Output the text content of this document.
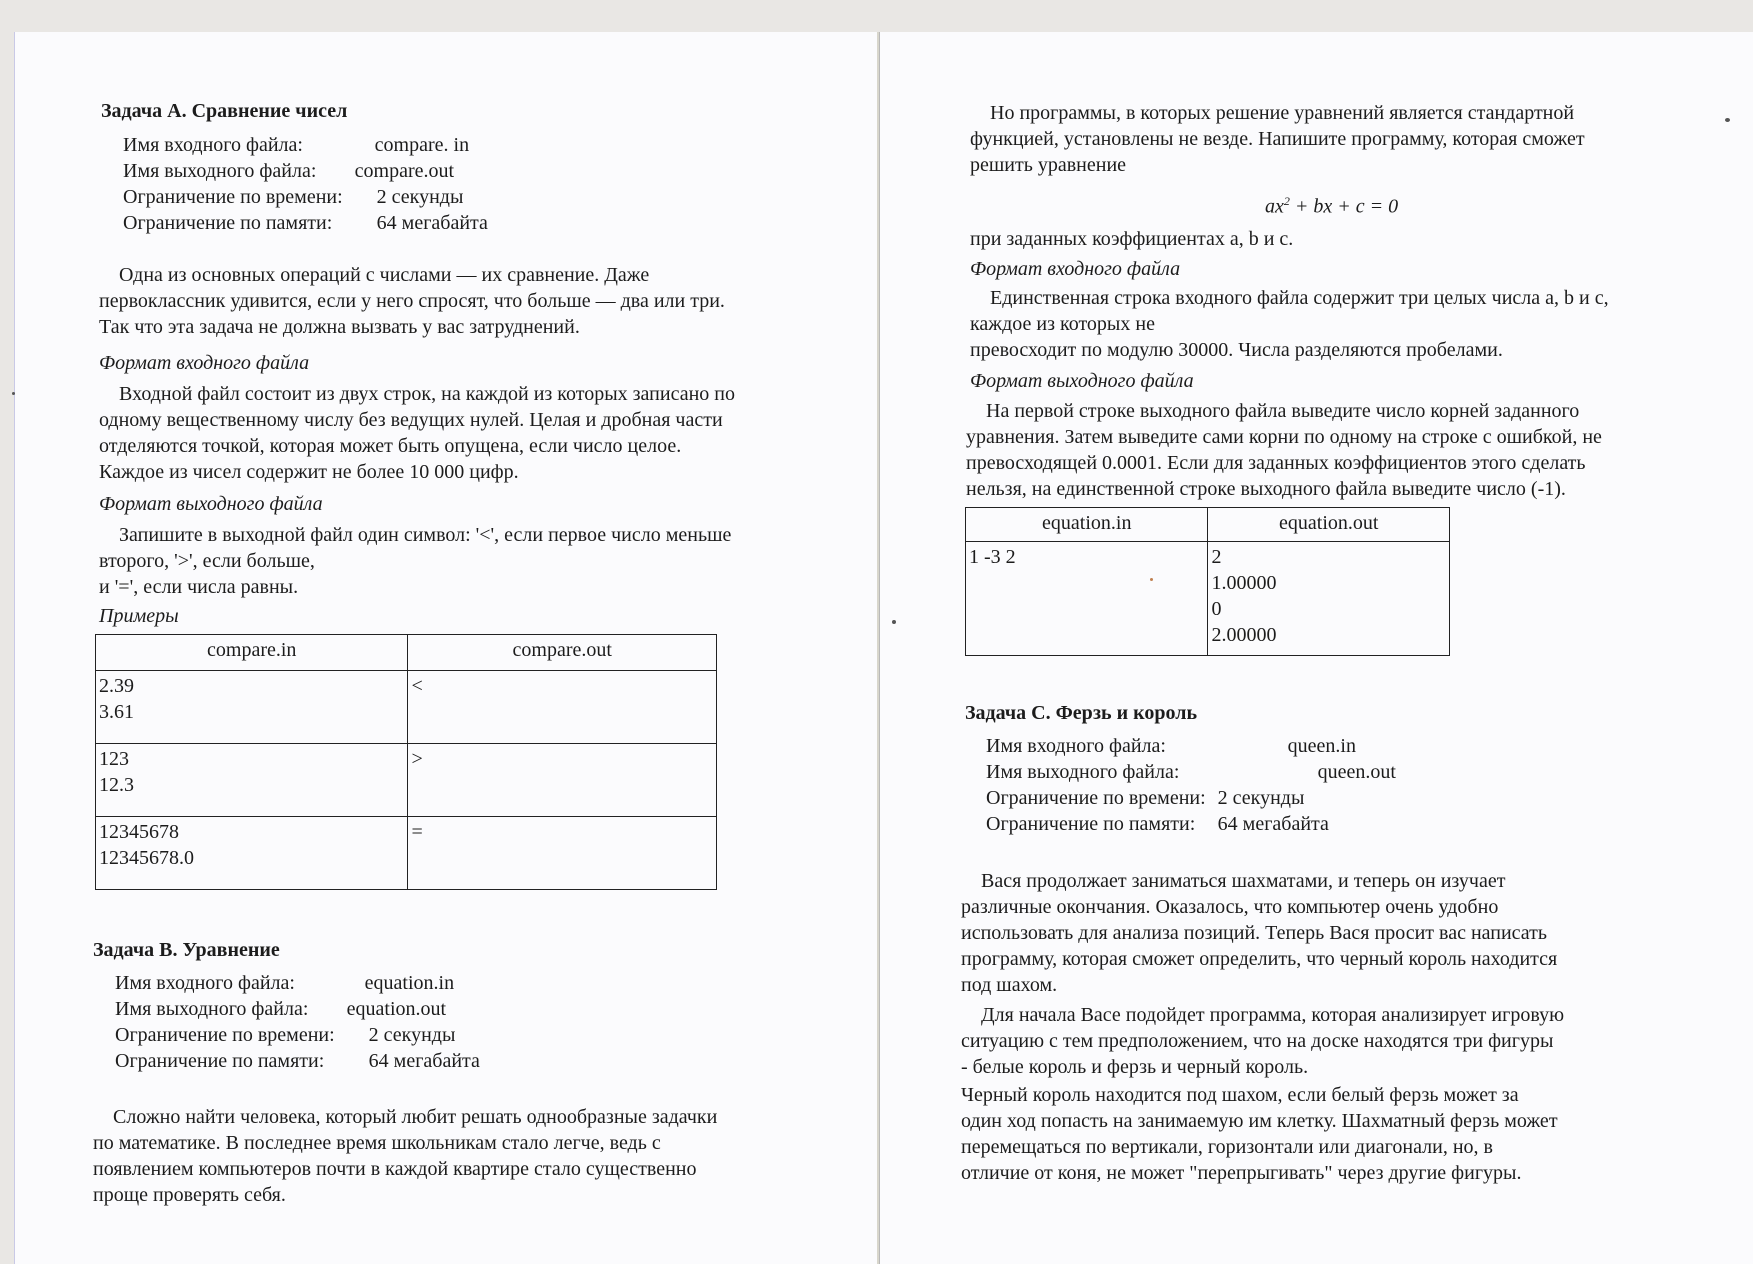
Задача A. Сравнение чисел
Имя входного файла:	compare. in
Имя выходного файла:	compare.out
Ограничение по времени:	2 секунды
Ограничение по памяти:	64 мегабайта
Одна из основных операций с числами — их сравнение. Даже
первоклассник удивится, если у него спросят, что больше — два или три.
Так что эта задача не должна вызвать у вас затруднений.
Формат входного файла
Входной файл состоит из двух строк, на каждой из которых записано по
одному вещественному числу без ведущих нулей. Целая и дробная части
отделяются точкой, которая может быть опущена, если число целое.
Каждое из чисел содержит не более 10 000 цифр.
Формат выходного файла
Запишите в выходной файл один символ: '<', если первое число меньше
второго, '>', если больше,
и '=', если числа равны.
Примеры
compare.in	compare.out

2.39
3.61	<

123
12.3	>

12345678
12345678.0	=
Задача B. Уравнение
Имя входного файла:	equation.in
Имя выходного файла:	equation.out
Ограничение по времени:	2 секунды
Ограничение по памяти:	64 мегабайта
Сложно найти человека, который любит решать однообразные задачки
по математике. В последнее время школьникам стало легче, ведь с
появлением компьютеров почти в каждой квартире стало существенно
проще проверять себя.
Но программы, в которых решение уравнений является стандартной
функцией, установлены не везде. Напишите программу, которая сможет
решить уравнение
$ax^2$ + bx + c = 0
при заданных коэффициентах a, b и c.
Формат входного файла
Единственная строка входного файла содержит три целых числа a, b и c,
каждое из которых не
превосходит по модулю 30000. Числа разделяются пробелами.
Формат выходного файла
На первой строке выходного файла выведите число корней заданного
уравнения. Затем выведите сами корни по одному на строке с ошибкой, не
превосходящей 0.0001. Если для заданных коэффициентов этого сделать
нельзя, на единственной строке выходного файла выведите число (-1).
equation.in	equation.out
1 -3 2	2
1.00000
0
2.00000
Задача C. Ферзь и король
Имя входного файла:	queen.in
Имя выходного файла:	queen.out
Ограничение по времени:	2 секунды
Ограничение по памяти:	64 мегабайта
Вася продолжает заниматься шахматами, и теперь он изучает
различные окончания. Оказалось, что компьютер очень удобно
использовать для анализа позиций. Теперь Вася просит вас написать
программу, которая сможет определить, что черный король находится
под шахом.
Для начала Васе подойдет программа, которая анализирует игровую
ситуацию с тем предположением, что на доске находятся три фигуры
- белые король и ферзь и черный король.
Черный король находится под шахом, если белый ферзь может за
один ход попасть на занимаемую им клетку. Шахматный ферзь может
перемещаться по вертикали, горизонтали или диагонали, но, в
отличие от коня, не может "перепрыгивать" через другие фигуры.
